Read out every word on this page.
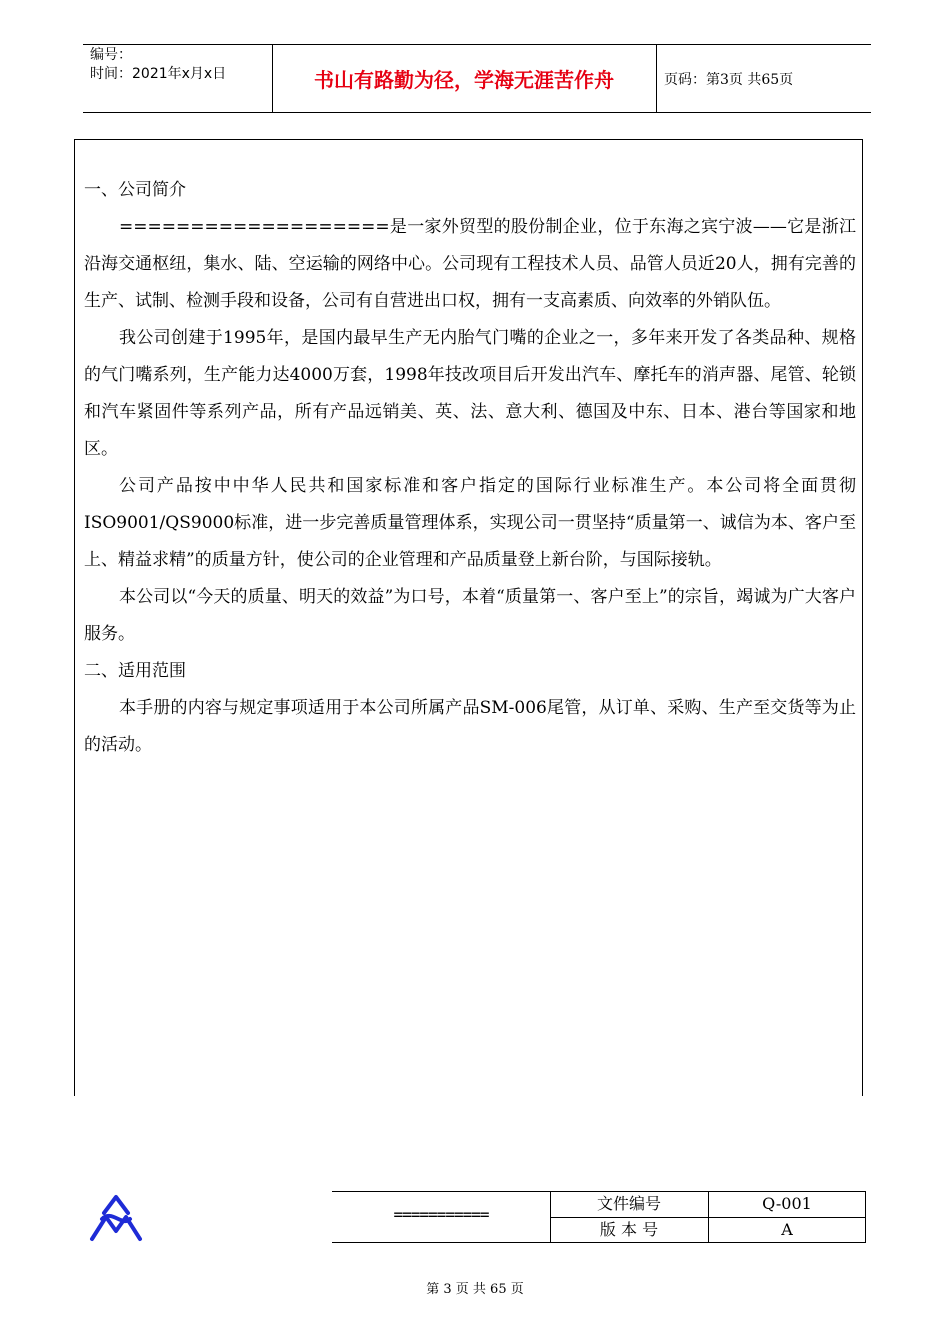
编号：
时间：2021年x月x日	书山有路勤为径，学海无涯苦作舟	页码：第3页 共65页

一、公司简介

===================是一家外贸型的股份制企业，位于东海之宾宁波——它是浙江沿海交通枢纽，集水、陆、空运输的网络中心。公司现有工程技术人员、品管人员近20人，拥有完善的生产、试制、检测手段和设备，公司有自营进出口权，拥有一支高素质、向效率的外销队伍。

我公司创建于1995年，是国内最早生产无内胎气门嘴的企业之一，多年来开发了各类品种、规格的气门嘴系列，生产能力达4000万套，1998年技改项目后开发出汽车、摩托车的消声器、尾管、轮锁和汽车紧固件等系列产品，所有产品远销美、英、法、意大利、德国及中东、日本、港台等国家和地区。

公司产品按中中华人民共和国家标准和客户指定的国际行业标准生产。本公司将全面贯彻ISO9001/QS9000标准，进一步完善质量管理体系，实现公司一贯坚持“质量第一、诚信为本、客户至上、精益求精”的质量方针，使公司的企业管理和产品质量登上新台阶，与国际接轨。

本公司以“今天的质量、明天的效益”为口号，本着“质量第一、客户至上”的宗旨，竭诚为广大客户服务。

二、适用范围

本手册的内容与规定事项适用于本公司所属产品SM-006尾管，从订单、采购、生产至交货等为止的活动。

===========
文件编号	Q-001
版 本 号	A
第 3 页 共 65 页
